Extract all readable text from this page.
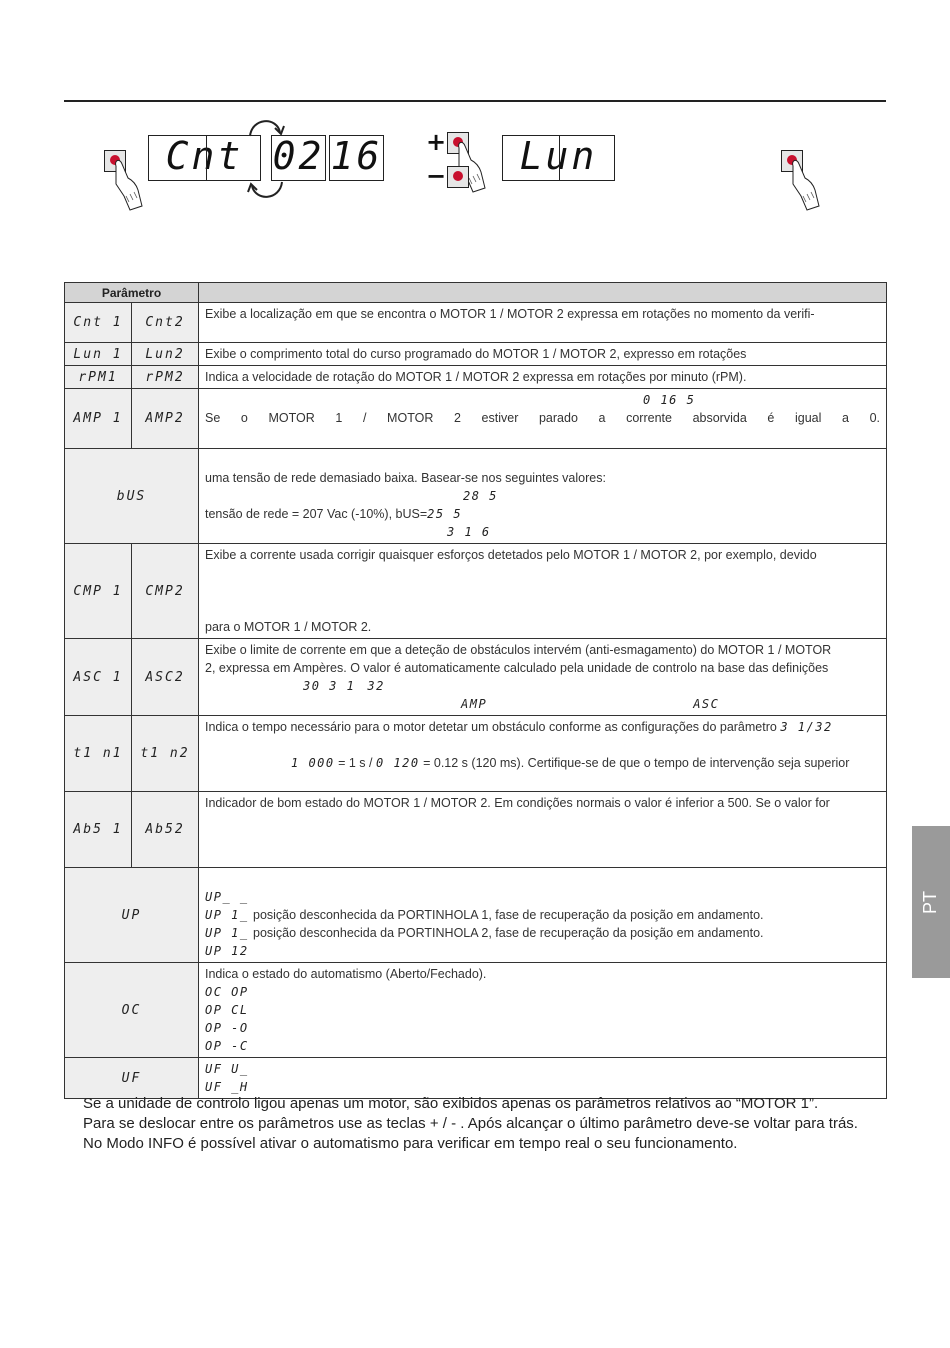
Cnt 02 16 +
−	Lun
Parâmetro		
Cnt 1	Cnt2	Exibe a localização em que se encontra o MOTOR 1 / MOTOR 2 expressa em rotações no momento da verifi-

Lun 1	Lun2	Exibe o comprimento total do curso programado do MOTOR 1 / MOTOR 2, expresso em rotações

rPM1	rPM2	Indica a velocidade de rotação do MOTOR 1 / MOTOR 2 expressa em rotações por minuto (rPM).

AMP 1	AMP2	0 16 5
Se o MOTOR 1 / MOTOR 2 estiver parado a corrente absorvida é igual a 0.

bUS		uma tensão de rede demasiado baixa. Basear-se nos seguintes valores:
28 5
tensão de rede = 207 Vac (-10%), bUS=25 5
3 1 6

CMP 1	CMP2	Exibe a corrente usada corrigir quaisquer esforços detetados pelo MOTOR 1 / MOTOR 2, por exemplo, devido
para o MOTOR 1 / MOTOR 2.

ASC 1	ASC2	Exibe o limite de corrente em que a deteção de obstáculos intervém (anti-esmagamento) do MOTOR 1 / MOTOR
2, expressa em Ampères. O valor é automaticamente calculado pela unidade de controlo na base das definições
30 3 1 32
AMP ASC

t1 n1	t1 n2	Indica o tempo necessário para o motor detetar um obstáculo conforme as configurações do parâmetro 3 1/32
1 000 = 1 s / 0 120 = 0.12 s (120 ms). Certifique-se de que o tempo de intervenção seja superior

Ab5 1	Ab52	Indicador de bom estado do MOTOR 1 / MOTOR 2. Em condições normais o valor é inferior a 500. Se o valor for

UP		UP_ _
UP 1_ posição desconhecida da PORTINHOLA 1, fase de recuperação da posição em andamento.
UP 1_ posição desconhecida da PORTINHOLA 2, fase de recuperação da posição em andamento.
UP 12

OC		Indica o estado do automatismo (Aberto/Fechado).
OC OP
OP CL
OP -O
OP -C

UF		UF U_
UF _H
Se a unidade de controlo ligou apenas um motor, são exibidos apenas os parâmetros relativos ao “MOTOR 1”.
Para se deslocar entre os parâmetros use as teclas + / - . Após alcançar o último parâmetro deve-se voltar para trás.
No Modo INFO é possível ativar o automatismo para verificar em tempo real o seu funcionamento.
PT
